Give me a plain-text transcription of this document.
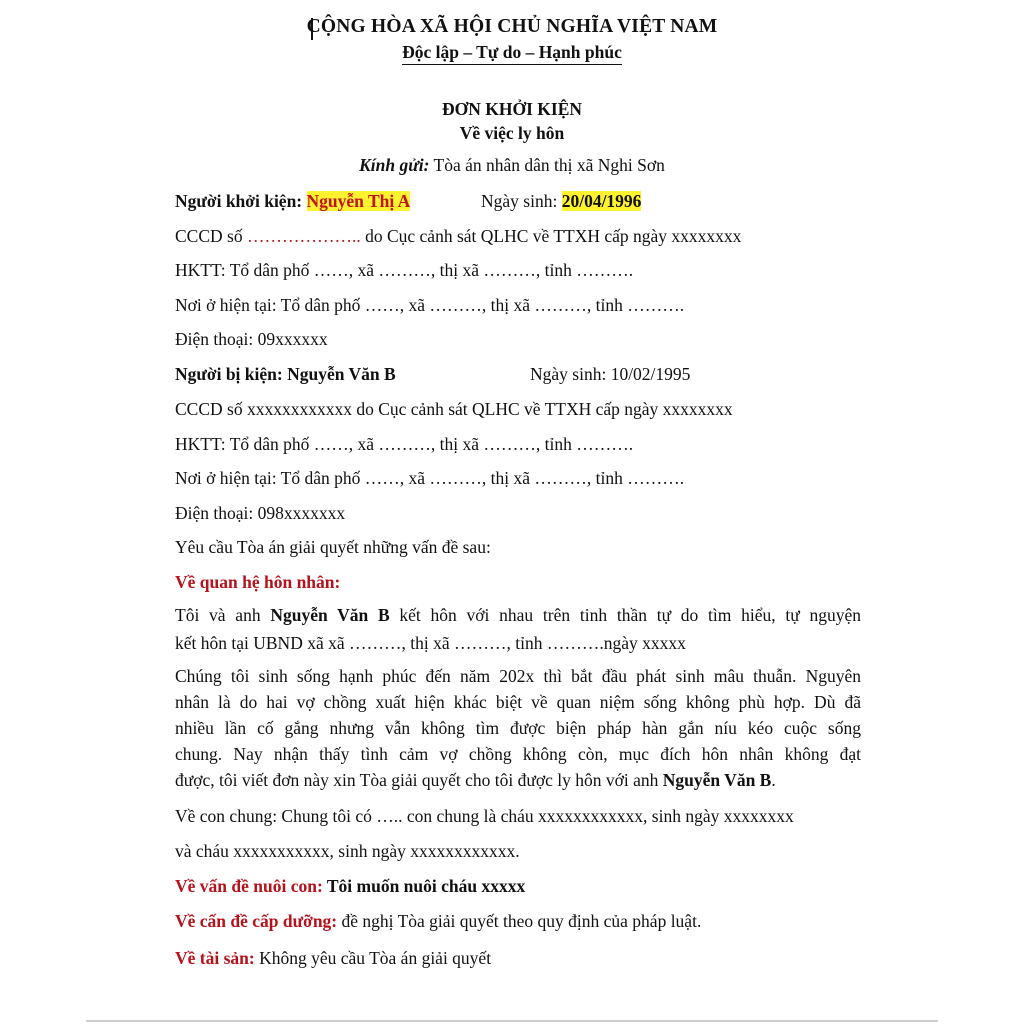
CỘNG HÒA XÃ HỘI CHỦ NGHĨA VIỆT NAM
Độc lập – Tự do – Hạnh phúc
ĐƠN KHỞI KIỆN
Về việc ly hôn
Kính gửi: Tòa án nhân dân thị xã Nghi Sơn
Người khởi kiện: Nguyễn Thị A	Ngày sinh: 20/04/1996
CCCD số ……………….. do Cục cảnh sát QLHC về TTXH cấp ngày xxxxxxxx
HKTT: Tổ dân phố ……, xã ………, thị xã ………, tỉnh ……….
Nơi ở hiện tại: Tổ dân phố ……, xã ………, thị xã ………, tỉnh ……….
Điện thoại: 09xxxxxx
Người bị kiện: Nguyễn Văn B	Ngày sinh: 10/02/1995
CCCD số xxxxxxxxxxxx do Cục cảnh sát QLHC về TTXH cấp ngày xxxxxxxx
HKTT: Tổ dân phố ……, xã ………, thị xã ………, tỉnh ……….
Nơi ở hiện tại: Tổ dân phố ……, xã ………, thị xã ………, tỉnh ……….
Điện thoại: 098xxxxxxx
Yêu cầu Tòa án giải quyết những vấn đề sau:
Về quan hệ hôn nhân:
Tôi và anh Nguyễn Văn B kết hôn với nhau trên tinh thần tự do tìm hiểu, tự nguyện
kết hôn tại UBND xã xã ………, thị xã ………, tỉnh ……….ngày xxxxx
Chúng tôi sinh sống hạnh phúc đến năm 202x thì bắt đầu phát sinh mâu thuẫn. Nguyên
nhân là do hai vợ chồng xuất hiện khác biệt về quan niệm sống không phù hợp. Dù đã
nhiều lần cố gắng nhưng vẫn không tìm được biện pháp hàn gắn níu kéo cuộc sống
chung. Nay nhận thấy tình cảm vợ chồng không còn, mục đích hôn nhân không đạt
được, tôi viết đơn này xin Tòa giải quyết cho tôi được ly hôn với anh Nguyễn Văn B.
Về con chung: Chung tôi có ….. con chung là cháu xxxxxxxxxxxx, sinh ngày xxxxxxxx
và cháu xxxxxxxxxxx, sinh ngày xxxxxxxxxxxx.
Về vấn đề nuôi con: Tôi muốn nuôi cháu xxxxx
Về cấn đề cấp dưỡng: đề nghị Tòa giải quyết theo quy định của pháp luật.
Về tài sản: Không yêu cầu Tòa án giải quyết
